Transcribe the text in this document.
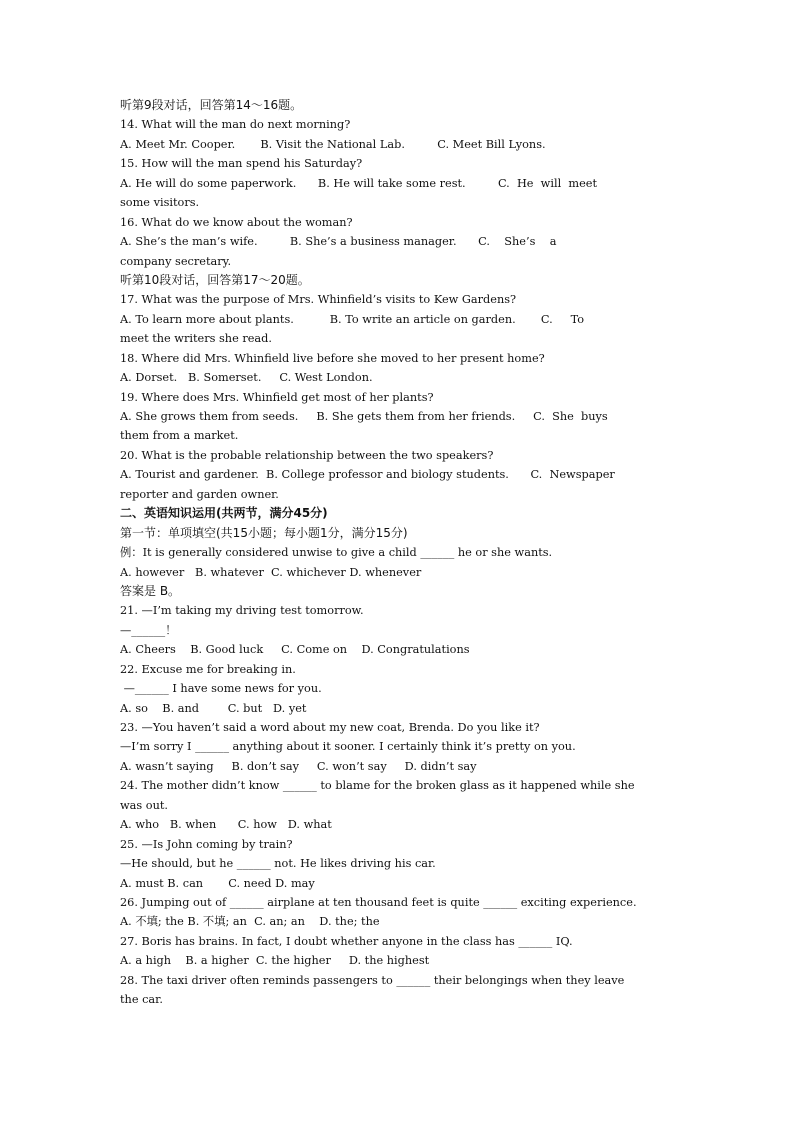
听第9段对话，回答第14～16题。
14. What will the man do next morning?
A. Meet Mr. Cooper.       B. Visit the National Lab.         C. Meet Bill Lyons.
15. How will the man spend his Saturday?
A. He will do some paperwork.      B. He will take some rest.         C.  He  will  meet
some visitors.
16. What do we know about the woman?
A. She’s the man’s wife.         B. She’s a business manager.      C.    She’s    a
company secretary.
听第10段对话，回答第17～20题。
17. What was the purpose of Mrs. Whinfield’s visits to Kew Gardens?
A. To learn more about plants.          B. To write an article on garden.       C.     To
meet the writers she read.
18. Where did Mrs. Whinfield live before she moved to her present home?
A. Dorset.   B. Somerset.     C. West London.
19. Where does Mrs. Whinfield get most of her plants?
A. She grows them from seeds.     B. She gets them from her friends.     C.  She  buys
them from a market.
20. What is the probable relationship between the two speakers?
A. Tourist and gardener.  B. College professor and biology students.      C.  Newspaper
reporter and garden owner.
二、英语知识运用(共两节，满分45分)
第一节：单项填空(共15小题；每小题1分，满分15分)
例：It is generally considered unwise to give a child ______ he or she wants.
A. however   B. whatever  C. whichever D. whenever
答案是 B。
21. —I’m taking my driving test tomorrow.
—______！
A. Cheers    B. Good luck     C. Come on    D. Congratulations
22. Excuse me for breaking in.
—______ I have some news for you.
A. so    B. and        C. but   D. yet
23. —You haven’t said a word about my new coat, Brenda. Do you like it?
—I’m sorry I ______ anything about it sooner. I certainly think it’s pretty on you.
A. wasn’t saying     B. don’t say     C. won’t say     D. didn’t say
24. The mother didn’t know ______ to blame for the broken glass as it happened while she
was out.
A. who   B. when      C. how   D. what
25. —Is John coming by train?
—He should, but he ______ not. He likes driving his car.
A. must B. can       C. need D. may
26. Jumping out of ______ airplane at ten thousand feet is quite ______ exciting experience.
A. 不填; the B. 不填; an  C. an; an    D. the; the
27. Boris has brains. In fact, I doubt whether anyone in the class has ______ IQ.
A. a high    B. a higher  C. the higher     D. the highest
28. The taxi driver often reminds passengers to ______ their belongings when they leave
the car.
